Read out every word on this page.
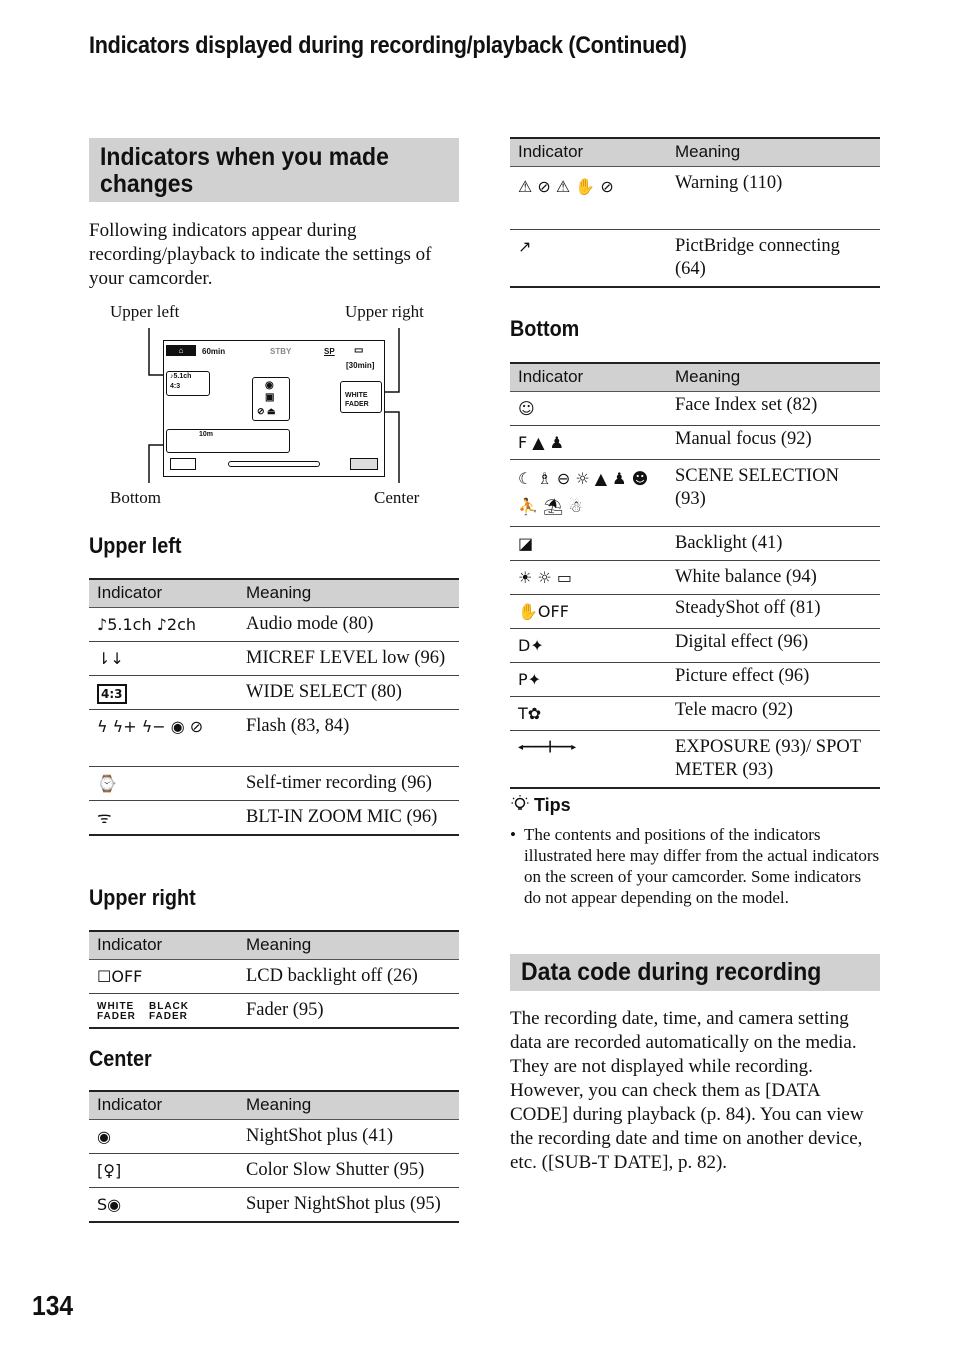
Indicators displayed during recording/playback (Continued)
Indicators when you made changes
Following indicators appear during recording/playback to indicate the settings of your camcorder.
Upper left	Upper right
Bottom	Center
⌂	60min	STBY	SP ▭
[30min]
♪5.1ch
4:3	◉
▣
⊘ ⏏
WHITE
FADER
10m
Upper left
Indicator	Meaning
♪5.1ch ♪2ch	Audio mode (80)
⇂↓	MICREF LEVEL low (96)
4:3	WIDE SELECT (80)
ϟ ϟ+ ϟ− ◉ ⊘	Flash (83, 84)
⌚	Self-timer recording (96)
ᯤ	BLT-IN ZOOM MIC (96)
Upper right
Indicator	Meaning
☐OFF	LCD backlight off (26)
WHITE FADERBLACK FADER	Fader (95)
Center
Indicator	Meaning
◉	NightShot plus (41)
[♀]	Color Slow Shutter (95)
S◉	Super NightShot plus (95)
Indicator	Meaning
⚠ ⊘ ⚠ ✋ ⊘	Warning (110)
↗	PictBridge connecting (64)
Bottom
Indicator	Meaning
☺	Face Index set (82)
F ▲ ♟	Manual focus (92)
☾ ♗ ⊖ ☼ ▲ ♟ ☻ ⛹ ⛱ ☃	SCENE SELECTION (93)
◪	Backlight (41)
☀ ☼ ▭	White balance (94)
✋OFF	SteadyShot off (81)
D✦	Digital effect (96)
P✦	Picture effect (96)
T✿	Tele macro (92)
◂━━━━╋━━━▸	EXPOSURE (93)/ SPOT METER (93)
Tips
• The contents and positions of the indicators illustrated here may differ from the actual indicators on the screen of your camcorder. Some indicators do not appear depending on the model.
Data code during recording
The recording date, time, and camera setting data are recorded automatically on the media. They are not displayed while recording. However, you can check them as [DATA CODE] during playback (p. 84). You can view the recording date and time on another device, etc. ([SUB-T DATE], p. 82).
134
